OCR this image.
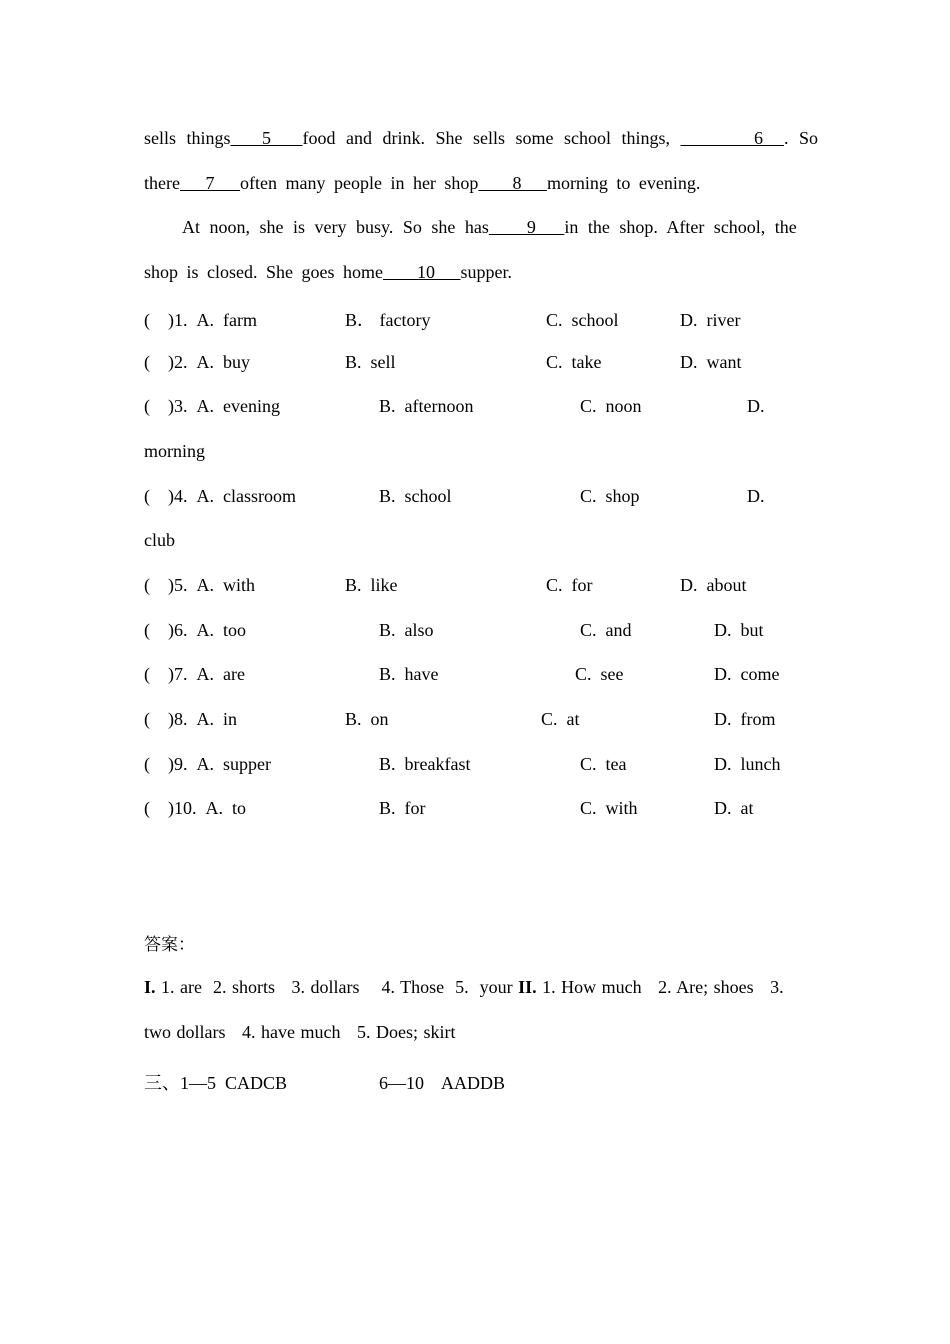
sells things   5   food and drink. She sells some school things,        6  . So
there   7   often many people in her shop    8   morning to evening.
At noon, she is very busy. So she has    9   in the shop. After school, the
shop is closed. She goes home    10   supper.
(    )1.  A.  farm	B． factory	C.  school	D.  river
(    )2.  A.  buy	B.  sell	C.  take	D.  want
(    )3.  A.  evening	B.  afternoon	C.  noon	D.
morning
(    )4.  A.  classroom	B.  school	C.  shop	D.
club
(    )5.  A.  with	B.  like	C.  for	D.  about
(    )6.  A.  too	B.  also	C.  and	D.  but
(    )7.  A.  are	B.  have	C.  see	D.  come
(    )8.  A.  in	B.  on	C.  at	D.  from
(    )9.  A.  supper	B.  breakfast	C.  tea	D.  lunch
(    )10.  A.  to	B.  for	C.  with	D.  at
答案：
I. 1. are  2. shorts   3. dollars    4. Those  5.  your II. 1. How much   2. Are; shoes   3.
two dollars   4. have much   5. Does; skirt
三、1—5  CADCB	6—10    AADDB
